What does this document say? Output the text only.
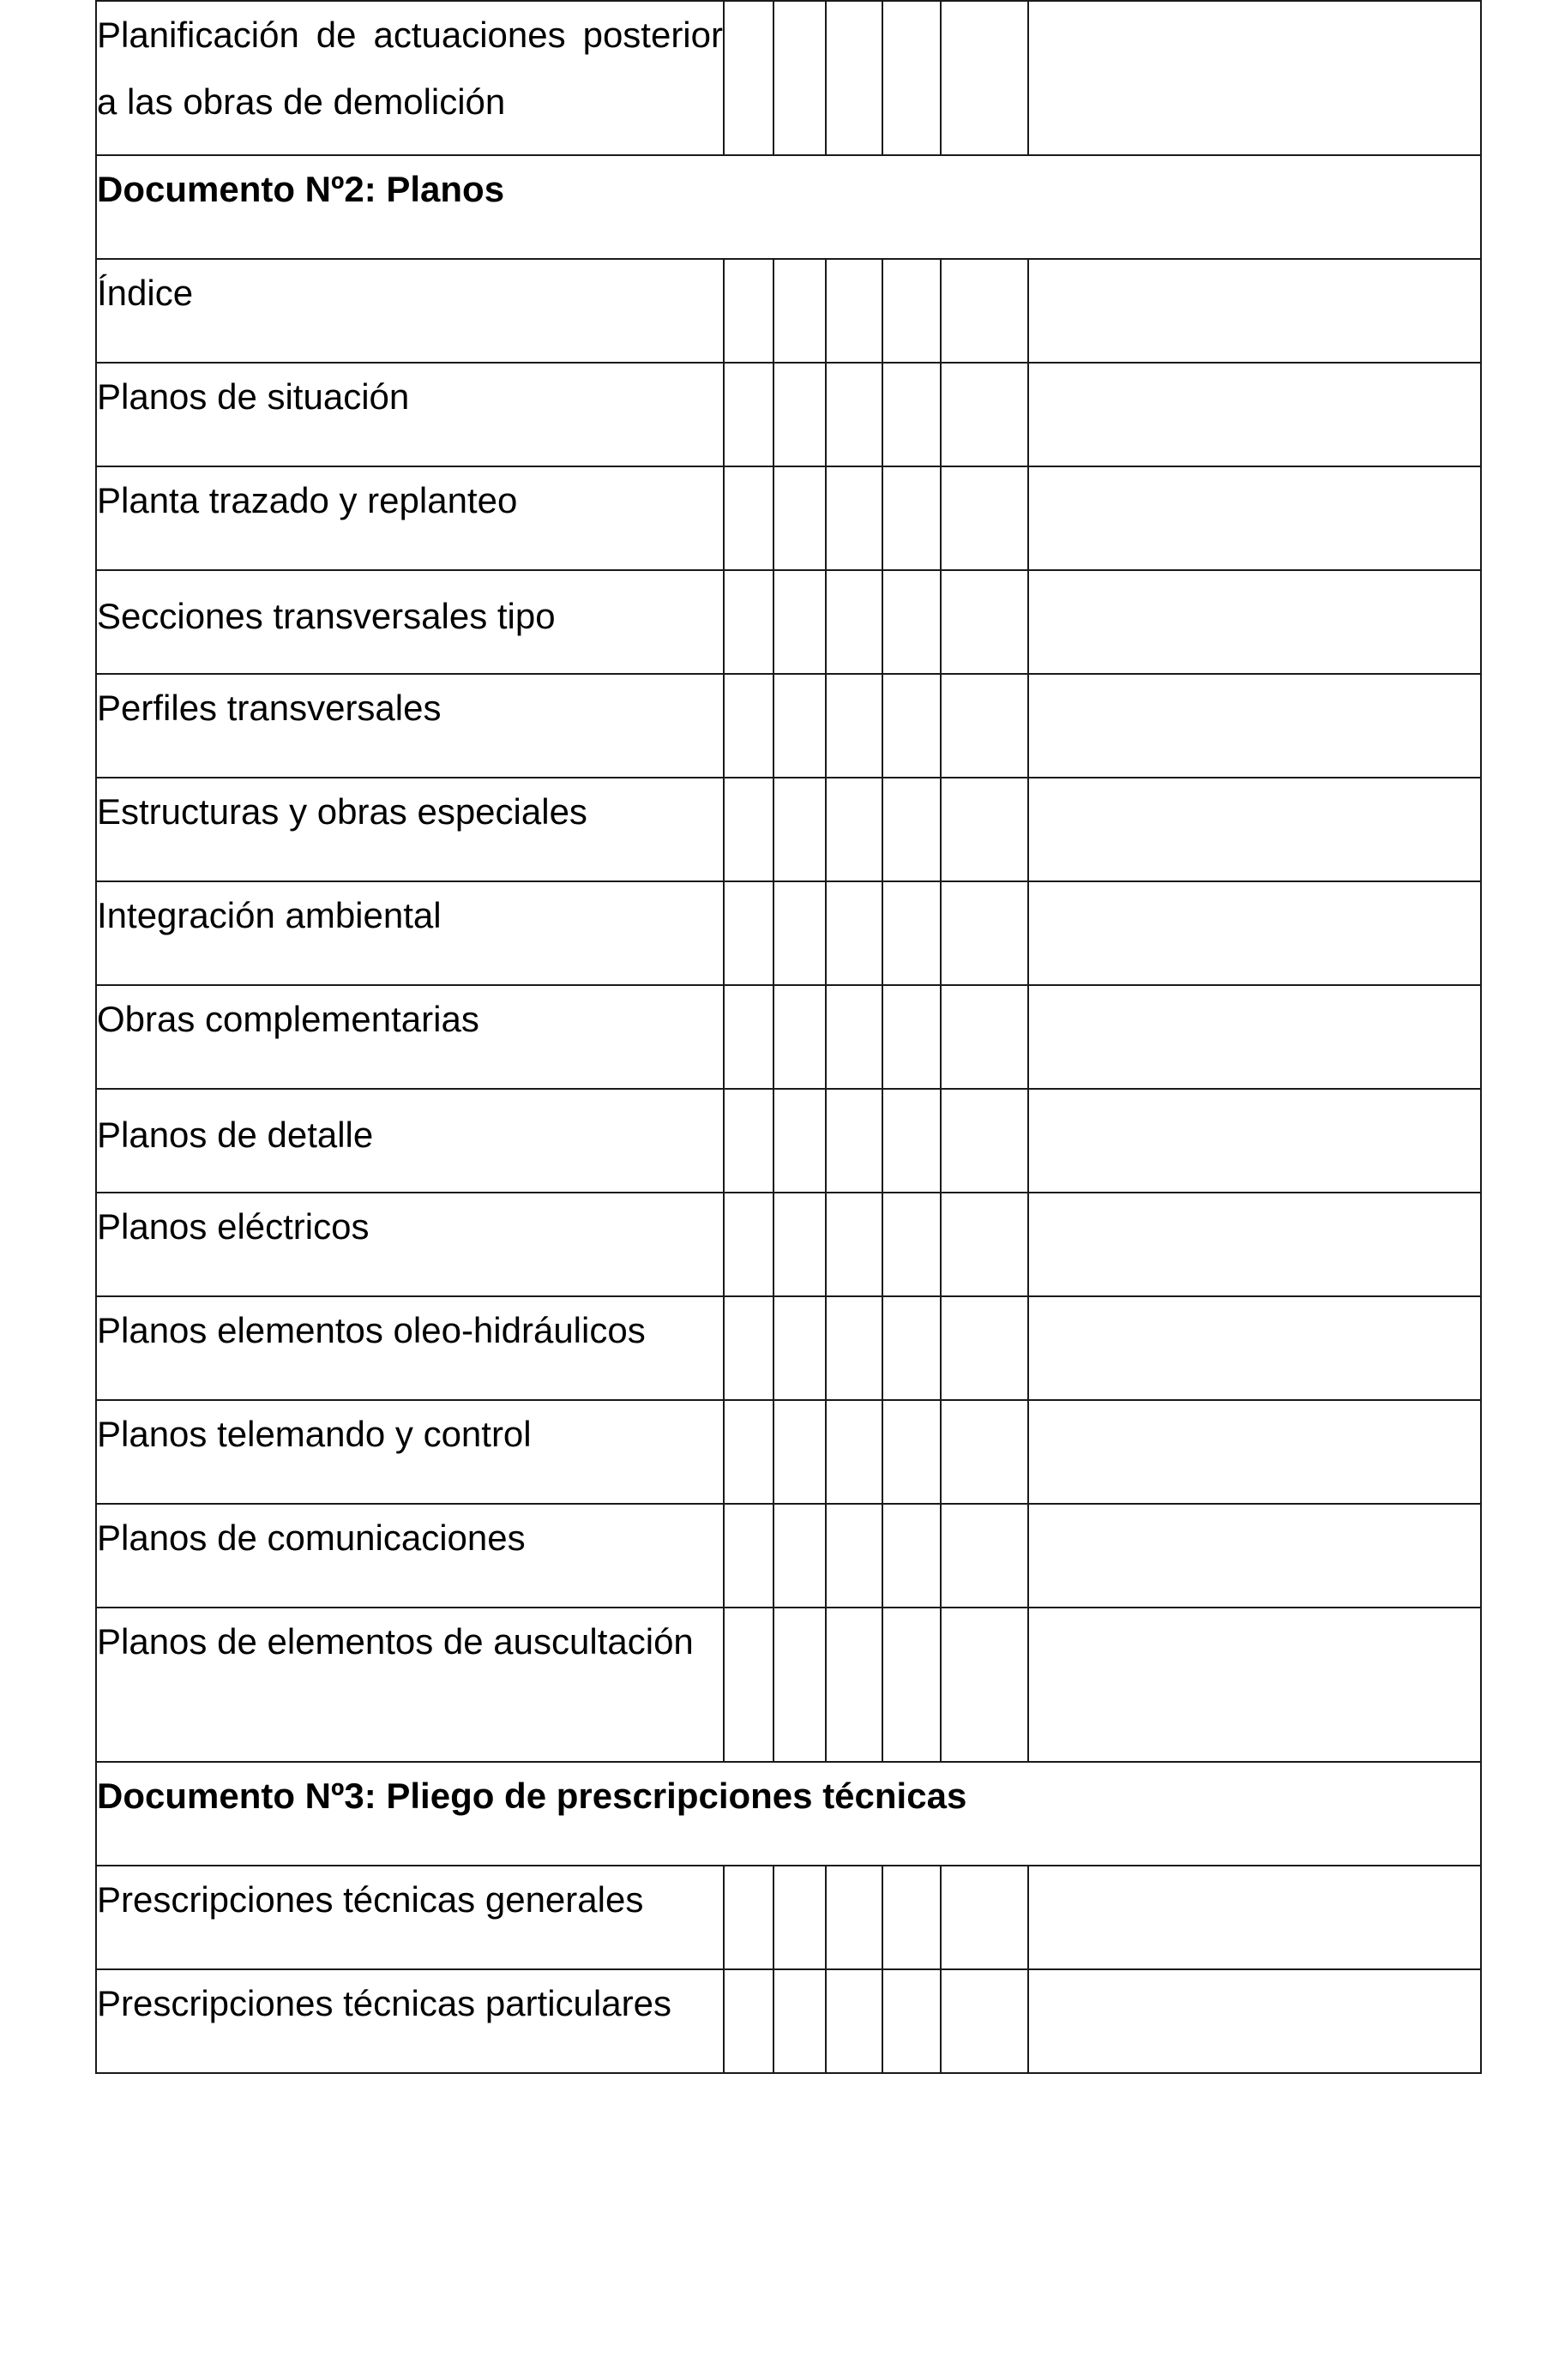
Planificación de actuaciones posterior a las obras de demolición						
Documento Nº2: Planos						
Índice						
Planos de situación						
Planta trazado y replanteo						
Secciones transversales tipo						
Perfiles transversales						
Estructuras y obras especiales						
Integración ambiental						
Obras complementarias						
Planos de detalle						
Planos eléctricos						
Planos elementos oleo-hidráulicos						
Planos telemando y control						
Planos de comunicaciones						
Planos de elementos de auscultación						
Documento Nº3: Pliego de prescripciones técnicas						
Prescripciones técnicas generales						
Prescripciones técnicas particulares						
